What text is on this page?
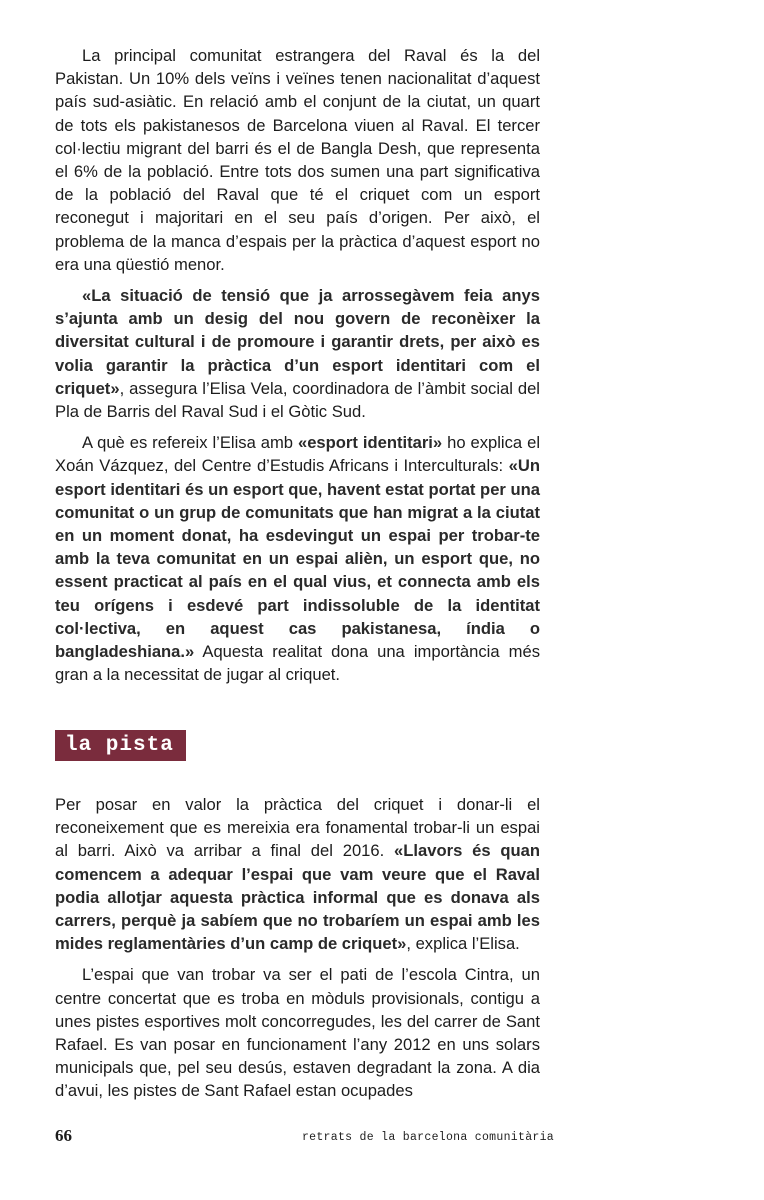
La principal comunitat estrangera del Raval és la del Pakistan. Un 10% dels veïns i veïnes tenen nacionalitat d’aquest país sud-asiàtic. En relació amb el conjunt de la ciutat, un quart de tots els pakistanesos de Barcelona viuen al Raval. El tercer col·lectiu migrant del barri és el de Bangla Desh, que representa el 6% de la població. Entre tots dos sumen una part significativa de la població del Raval que té el criquet com un esport reconegut i majoritari en el seu país d’origen. Per això, el problema de la manca d’espais per la pràctica d’aquest esport no era una qüestió menor.

«La situació de tensió que ja arrossegàvem feia anys s’ajunta amb un desig del nou govern de reconèixer la diversitat cultural i de promoure i garantir drets, per això es volia garantir la pràctica d’un esport identitari com el criquet», assegura l’Elisa Vela, coordinadora de l’àmbit social del Pla de Barris del Raval Sud i el Gòtic Sud.

A què es refereix l’Elisa amb «esport identitari» ho explica el Xoán Vázquez, del Centre d’Estudis Africans i Interculturals: «Un esport identitari és un esport que, havent estat portat per una comunitat o un grup de comunitats que han migrat a la ciutat en un moment donat, ha esdevingut un espai per trobar-te amb la teva comunitat en un espai alièn, un esport que, no essent practicat al país en el qual vius, et connecta amb els teu orígens i esdevé part indissoluble de la identitat col·lectiva, en aquest cas pakistanesa, índia o bangladeshiana.» Aquesta realitat dona una importància més gran a la necessitat de jugar al criquet.

la pista

Per posar en valor la pràctica del criquet i donar-li el reconeixement que es mereixia era fonamental trobar-li un espai al barri. Això va arribar a final del 2016. «Llavors és quan comencem a adequar l’espai que vam veure que el Raval podia allotjar aquesta pràctica informal que es donava als carrers, perquè ja sabíem que no trobaríem un espai amb les mides reglamentàries d’un camp de criquet», explica l’Elisa.

L’espai que van trobar va ser el pati de l’escola Cintra, un centre concertat que es troba en mòduls provisionals, contigu a unes pistes esportives molt concorregudes, les del carrer de Sant Rafael. Es van posar en funcionament l’any 2012 en uns solars municipals que, pel seu desús, estaven degradant la zona. A dia d’avui, les pistes de Sant Rafael estan ocupades

66	retrats de la barcelona comunitària
